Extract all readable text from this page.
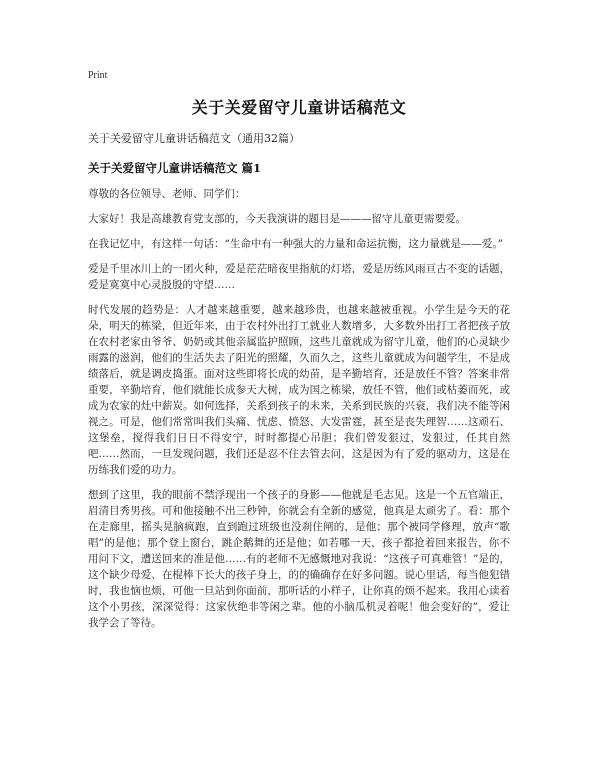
Print
关于关爱留守儿童讲话稿范文
关于关爱留守儿童讲话稿范文（通用32篇）
关于关爱留守儿童讲话稿范文 篇1

尊敬的各位领导、老师、同学们：

大家好！我是高雄教育党支部的，今天我演讲的题目是———留守儿童更需要爱。

在我记忆中，有这样一句话：“生命中有一种强大的力量和命运抗衡，这力量就是——爱。”

爱是千里冰川上的一团火种，爱是茫茫暗夜里指航的灯塔，爱是历练风雨亘古不变的话题，爱是寞寞中心灵殷殷的守望……

时代发展的趋势是：人才越来越重要，越来越珍贵，也越来越被重视。小学生是今天的花朵，明天的栋梁，但近年来，由于农村外出打工就业人数增多，大多数外出打工者把孩子放在农村老家由爷爷、奶奶或其他亲属监护照顾，这些儿童就成为留守儿童，他们的心灵缺少雨露的滋润，他们的生活失去了阳光的照耀，久而久之，这些儿童就成为问题学生，不是成绩落后，就是调皮捣蛋。面对这些即将长成的幼苗，是辛勤培育，还是放任不管？答案非常重要，辛勤培育，他们就能长成参天大树，成为国之栋梁，放任不管，他们或枯萎而死，或成为农家的灶中薪炭。如何选择，关系到孩子的未来，关系到民族的兴衰，我们决不能等闲视之。可是，他们常常叫我们头痛、忧虑、愤怒、大发雷霆，甚至是丧失理智……这顽石、这堡垒，搅得我们日日不得安宁，时时都提心吊胆；我们曾发狠过，发狠过，任其自然吧……然而，一旦发现问题，我们还是忍不住去管去问，这是因为有了爱的驱动力，这是在历练我们爱的功力。

想到了这里，我的眼前不禁浮现出一个孩子的身影——他就是毛志见。这是一个五官端正，眉清目秀男孩。可和他接触不出三秒钟，你就会有全新的感觉，他真是太顽劣了。看：那个在走廊里，摇头晃脑疯跑，直到跑过班级也没刹住闸的，是他；那个被同学修理，放声“歌唱”的是他；那个登上窗台，跳企鹅舞的还是他；如若哪一天，孩子都抢着回来报告，你不用问下文，遭送回来的准是他……有的老师不无感慨地对我说：“这孩子可真难管！”是的，这个缺少母爱、在棍棒下长大的孩子身上，的的确确存在好多问题。说心里话，每当他犯错时，我也恼也烦，可他一旦站到你面前，那听话的小样子，让你真的烦不起来。我用心读着这个小男孩，深深觉得：这家伙绝非等闲之辈。他的小脑瓜机灵着呢！他会变好的”，爱让我学会了等待。
